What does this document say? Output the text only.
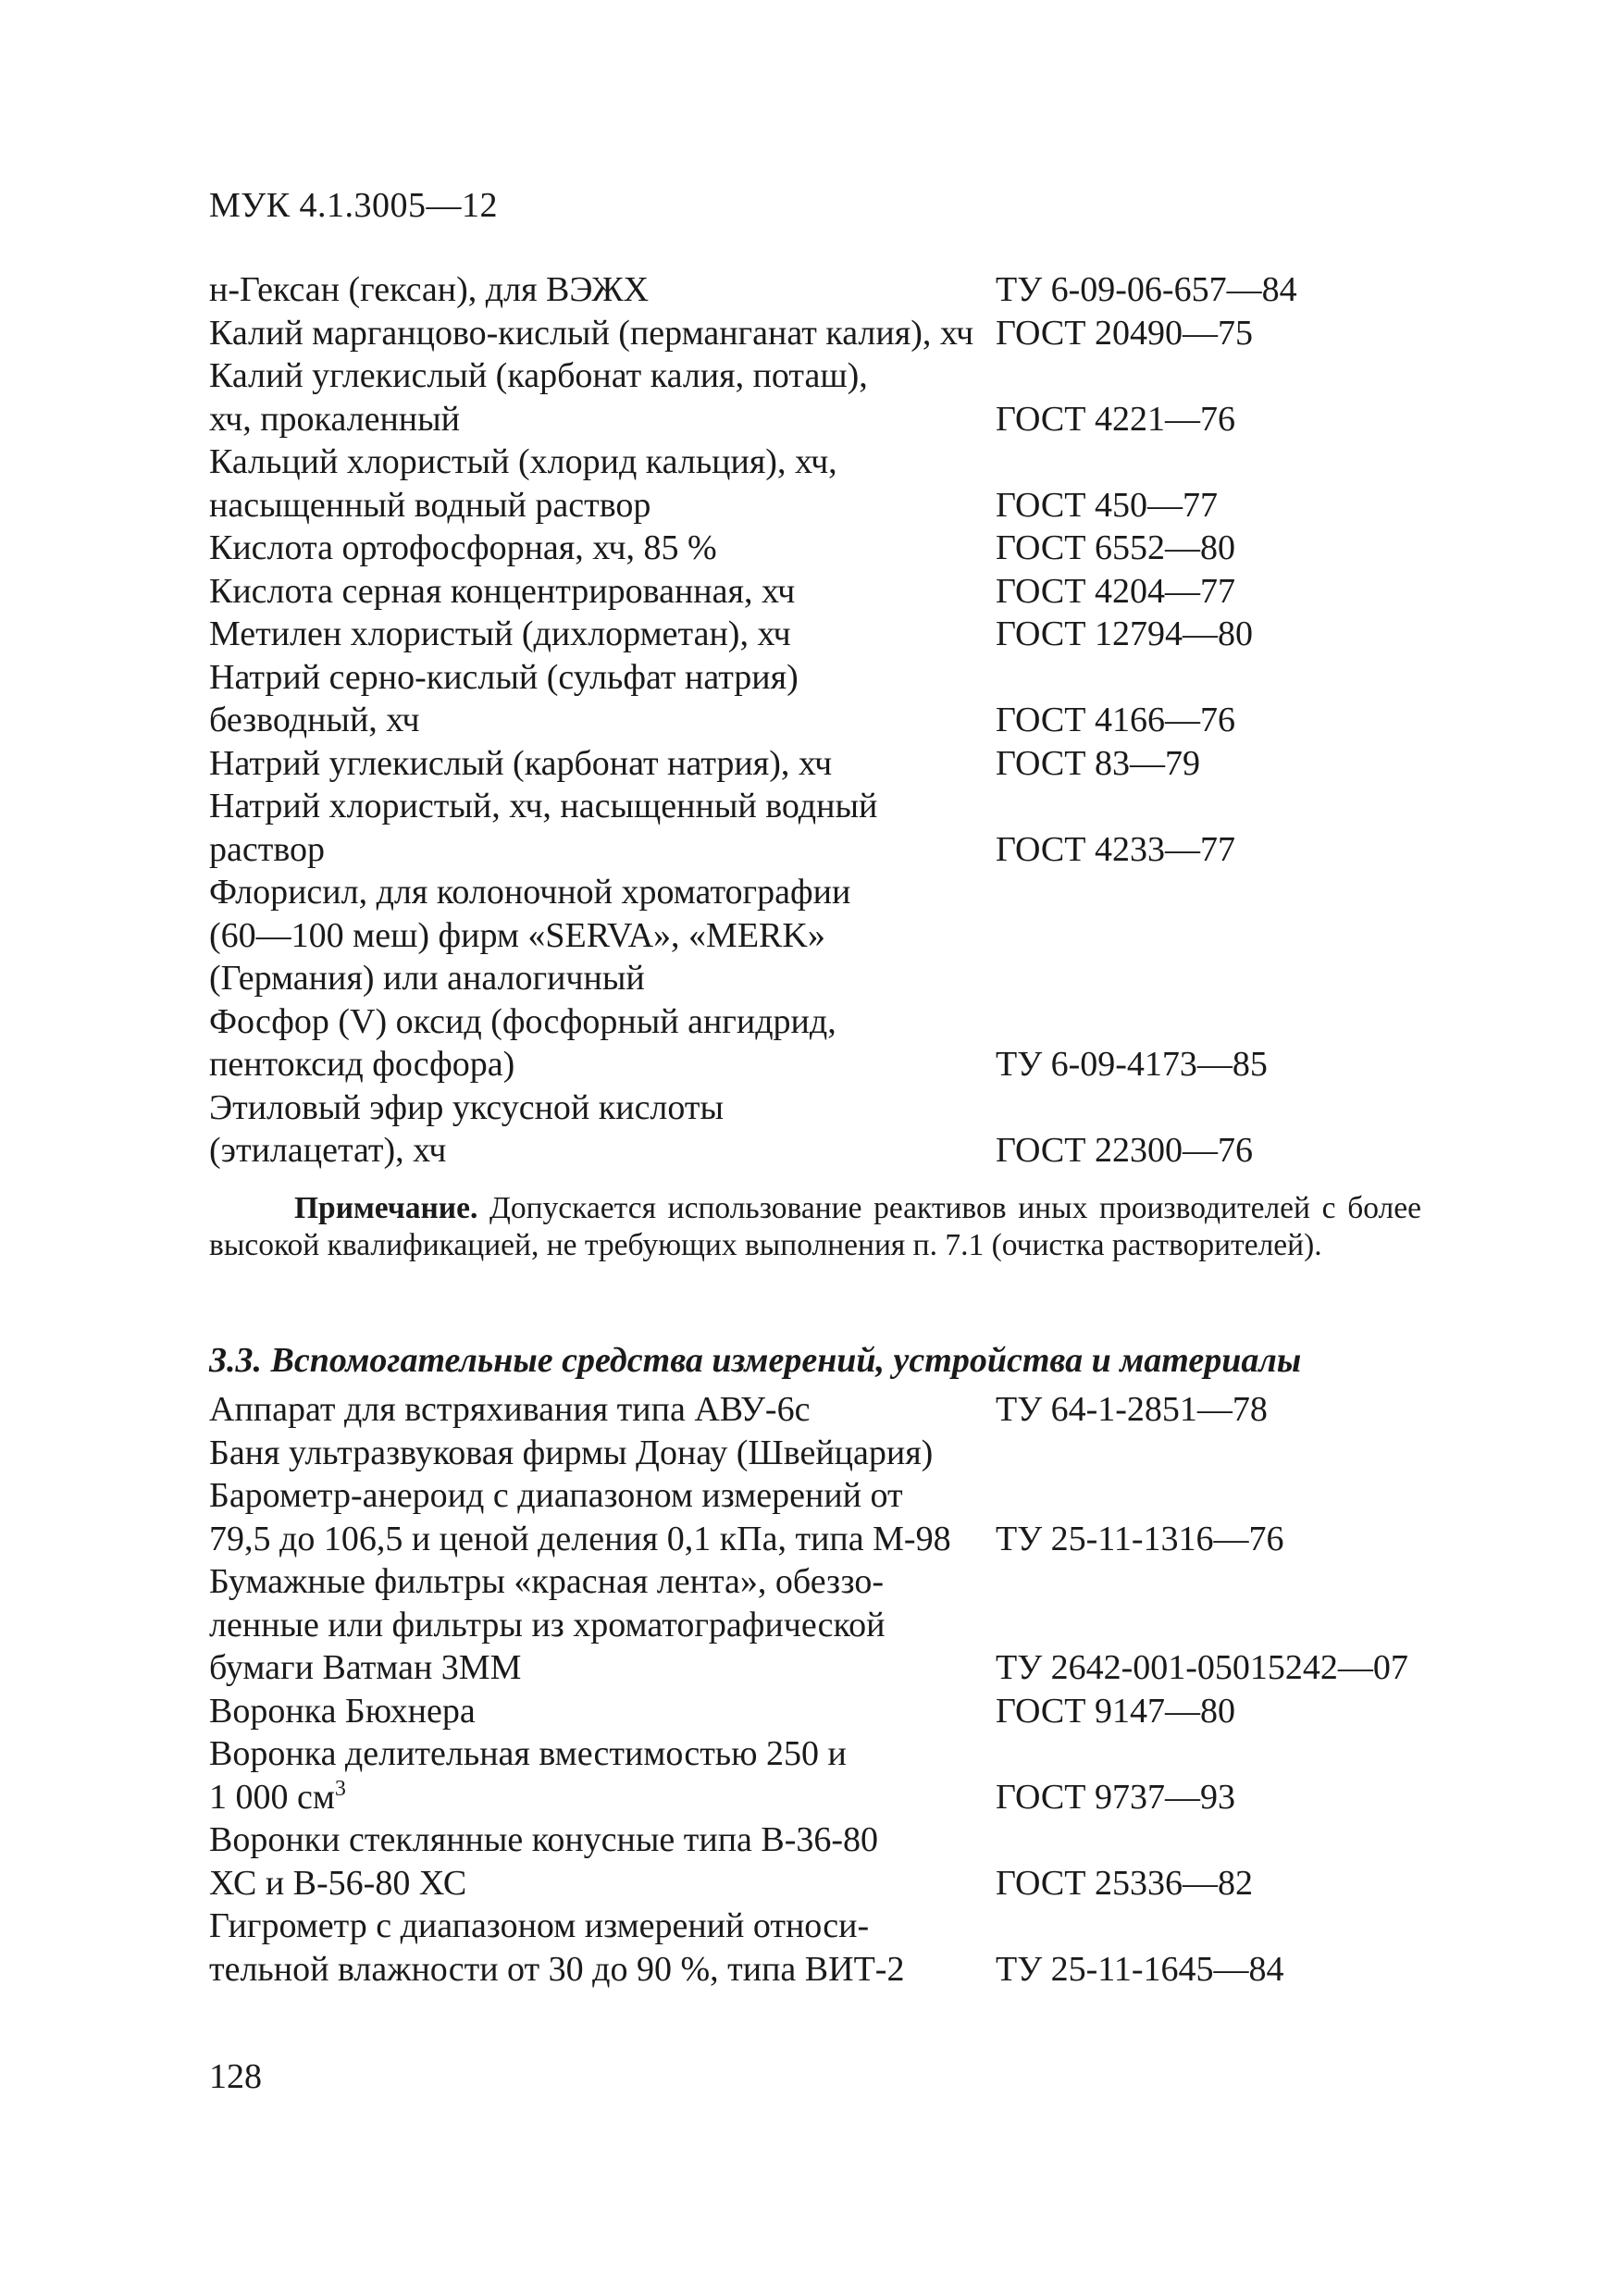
МУК 4.1.3005—12
н-Гексан (гексан), для ВЭЖХ	ТУ 6-09-06-657—84
Калий марганцово-кислый (перманганат калия), хч ГОСТ 20490—75
Калий углекислый (карбонат калия, поташ),
хч, прокаленный	ГОСТ 4221—76
Кальций хлористый (хлорид кальция), хч,
насыщенный водный раствор	ГОСТ 450—77
Кислота ортофосфорная, хч, 85 %	ГОСТ 6552—80
Кислота серная концентрированная, хч	ГОСТ 4204—77
Метилен хлористый (дихлорметан), хч	ГОСТ 12794—80
Натрий серно-кислый (сульфат натрия)
безводный, хч	ГОСТ 4166—76
Натрий углекислый (карбонат натрия), хч	ГОСТ 83—79
Натрий хлористый, хч, насыщенный водный
раствор	ГОСТ 4233—77
Флорисил, для колоночной хроматографии
(60—100 меш) фирм «SERVA», «MERK»
(Германия) или аналогичный
Фосфор (V) оксид (фосфорный ангидрид,
пентоксид фосфора)	ТУ 6-09-4173—85
Этиловый эфир уксусной кислоты
(этилацетат), хч	ГОСТ 22300—76
Примечание. Допускается использование реактивов иных производителей с более высокой квалификацией, не требующих выполнения п. 7.1 (очистка растворителей).
3.3. Вспомогательные средства измерений, устройства и материалы
Аппарат для встряхивания типа АВУ-6с	ТУ 64-1-2851—78
Баня ультразвуковая фирмы Донау (Швейцария)
Барометр-анероид с диапазоном измерений от
79,5 до 106,5 и ценой деления 0,1 кПа, типа М-98	ТУ 25-11-1316—76
Бумажные фильтры «красная лента», обеззо-
ленные или фильтры из хроматографической
бумаги Ватман 3ММ	ТУ 2642-001-05015242—07
Воронка Бюхнера	ГОСТ 9147—80
Воронка делительная вместимостью 250 и
1 000 $см^3$	ГОСТ 9737—93
Воронки стеклянные конусные типа В-36-80
ХС и В-56-80 ХС	ГОСТ 25336—82
Гигрометр с диапазоном измерений относи-
тельной влажности от 30 до 90 %, типа ВИТ-2	ТУ 25-11-1645—84
128
